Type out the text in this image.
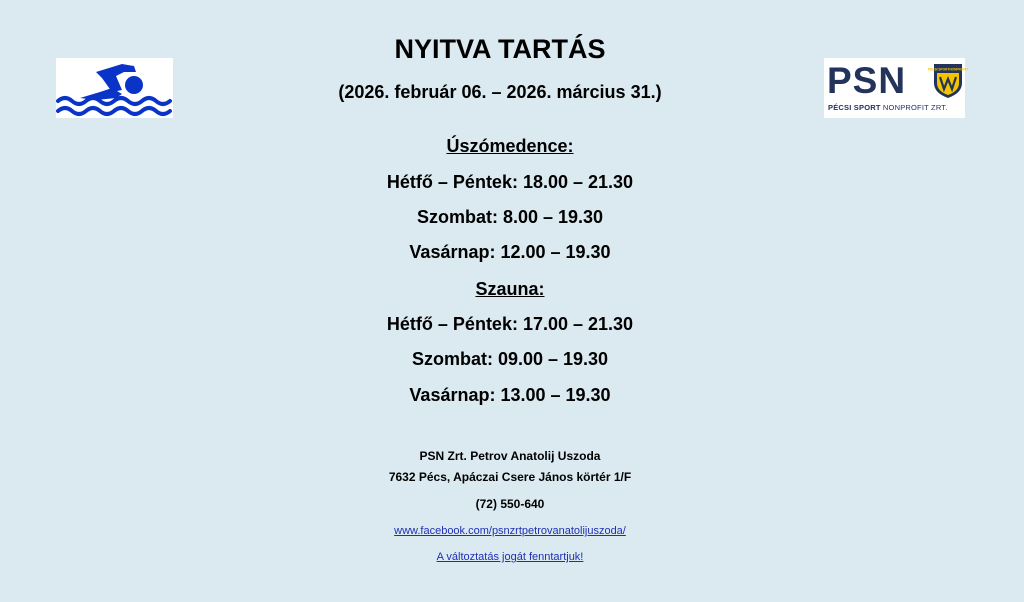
PSN	PÉCSI SPORTNONPROFIT
PÉCSI SPORT NONPROFIT ZRT.
NYITVA TARTÁS
(2026. február 06. – 2026. március 31.)
Úszómedence:
Hétfő – Péntek: 18.00 – 21.30
Szombat: 8.00 – 19.30
Vasárnap: 12.00 – 19.30
Szauna:
Hétfő – Péntek: 17.00 – 21.30
Szombat: 09.00 – 19.30
Vasárnap: 13.00 – 19.30
PSN Zrt. Petrov Anatolij Uszoda
7632 Pécs, Apáczai Csere János körtér 1/F
(72) 550-640
www.facebook.com/psnzrtpetrovanatolijuszoda/
A változtatás jogát fenntartjuk!
